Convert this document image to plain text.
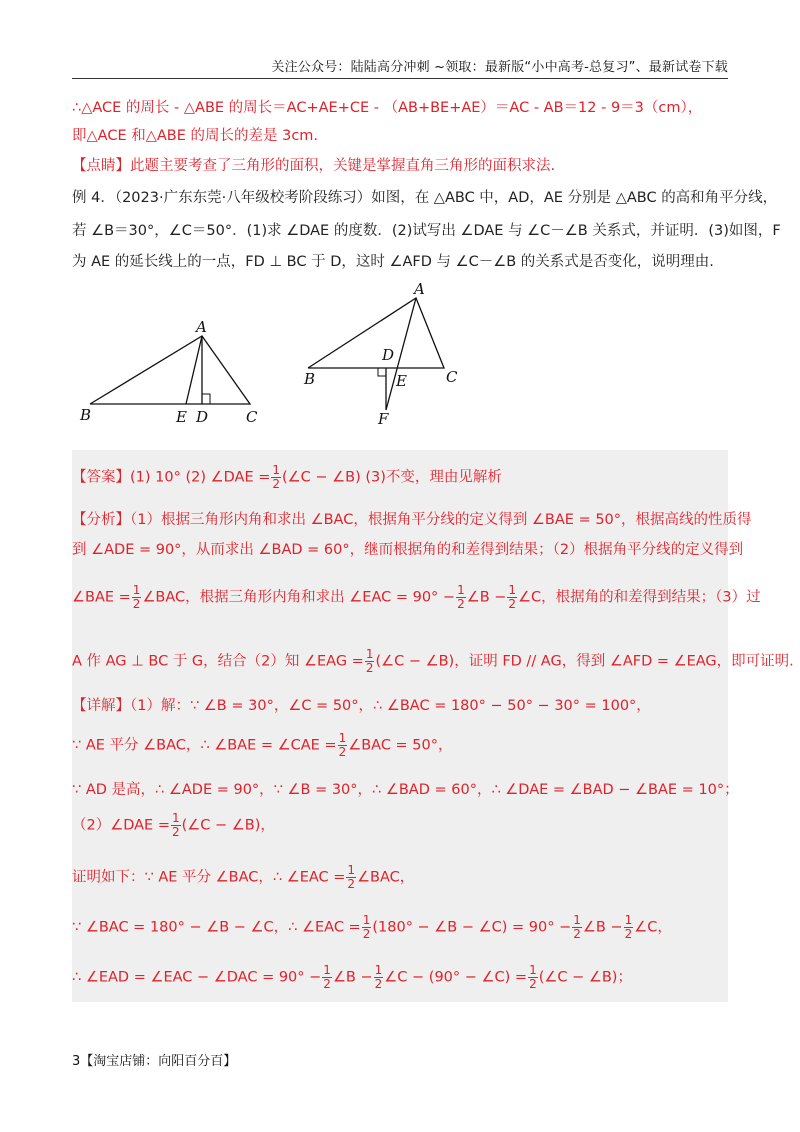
关注公众号：陆陆高分冲刺 ~领取：最新版“小中高考-总复习”、最新试卷下载
∴△ACE 的周长 - △ABE 的周长＝AC+AE+CE - （AB+BE+AE）＝AC - AB＝12 - 9＝3（cm），
即△ACE 和△ABE 的周长的差是 3cm.
【点睛】此题主要考查了三角形的面积，关键是掌握直角三角形的面积求法.
例 4．（2023·广东东莞·八年级校考阶段练习）如图，在 △ABC 中，AD，AE 分别是 △ABC 的高和角平分线，
若 ∠B＝30°，∠C＝50°．(1)求 ∠DAE 的度数．(2)试写出 ∠DAE 与 ∠C－∠B 关系式，并证明．(3)如图，F
为 AE 的延长线上的一点，FD ⊥ BC 于 D，这时 ∠AFD 与 ∠C－∠B 的关系式是否变化，说明理由.
A
B	E D	C
A
D
B	E	C
F
【答案】(1) 10° (2) ∠DAE = $\frac{1}{2}$ (∠C − ∠B) (3)不变，理由见解析
【分析】（1）根据三角形内角和求出 ∠BAC，根据角平分线的定义得到 ∠BAE = 50°，根据高线的性质得
到 ∠ADE = 90°，从而求出 ∠BAD = 60°，继而根据角的和差得到结果；（2）根据角平分线的定义得到
∠BAE = $\frac{1}{2}$ ∠BAC，根据三角形内角和求出 ∠EAC = $90^\circ - \frac{1}{2}$ ∠B − $\frac{1}{2}$ ∠C，根据角的和差得到结果；（3）过
A 作 AG ⊥ BC 于 G，结合（2）知 ∠EAG = $\frac{1}{2}$ (∠C − ∠B)，证明 FD // AG，得到 ∠AFD = ∠EAG，即可证明.
【详解】（1）解：∵ ∠B = 30°，∠C = 50°，∴ ∠BAC = 180° − 50° − 30° = 100°，
∵ AE 平分 ∠BAC，∴ ∠BAE = ∠CAE = $\frac{1}{2}$ ∠BAC = 50°，
∵ AD 是高，∴ ∠ADE = 90°，∵ ∠B = 30°，∴ ∠BAD = 60°，∴ ∠DAE = ∠BAD − ∠BAE = 10°；
（2）∠DAE = $\frac{1}{2}$ (∠C − ∠B)，
证明如下：∵ AE 平分 ∠BAC，∴ ∠EAC = $\frac{1}{2}$ ∠BAC，
∵ ∠BAC = 180° − ∠B − ∠C，∴ ∠EAC = $\frac{1}{2} (180^\circ$ − ∠B − ∠C) = $90^\circ - \frac{1}{2}$ ∠B − $\frac{1}{2}$ ∠C，
∴ ∠EAD = ∠EAC − ∠DAC = $90^\circ - \frac{1}{2}$ ∠B − $\frac{1}{2}$ ∠C − (90° − ∠C) = $\frac{1}{2}$ (∠C − ∠B)；
3【淘宝店铺：向阳百分百】
